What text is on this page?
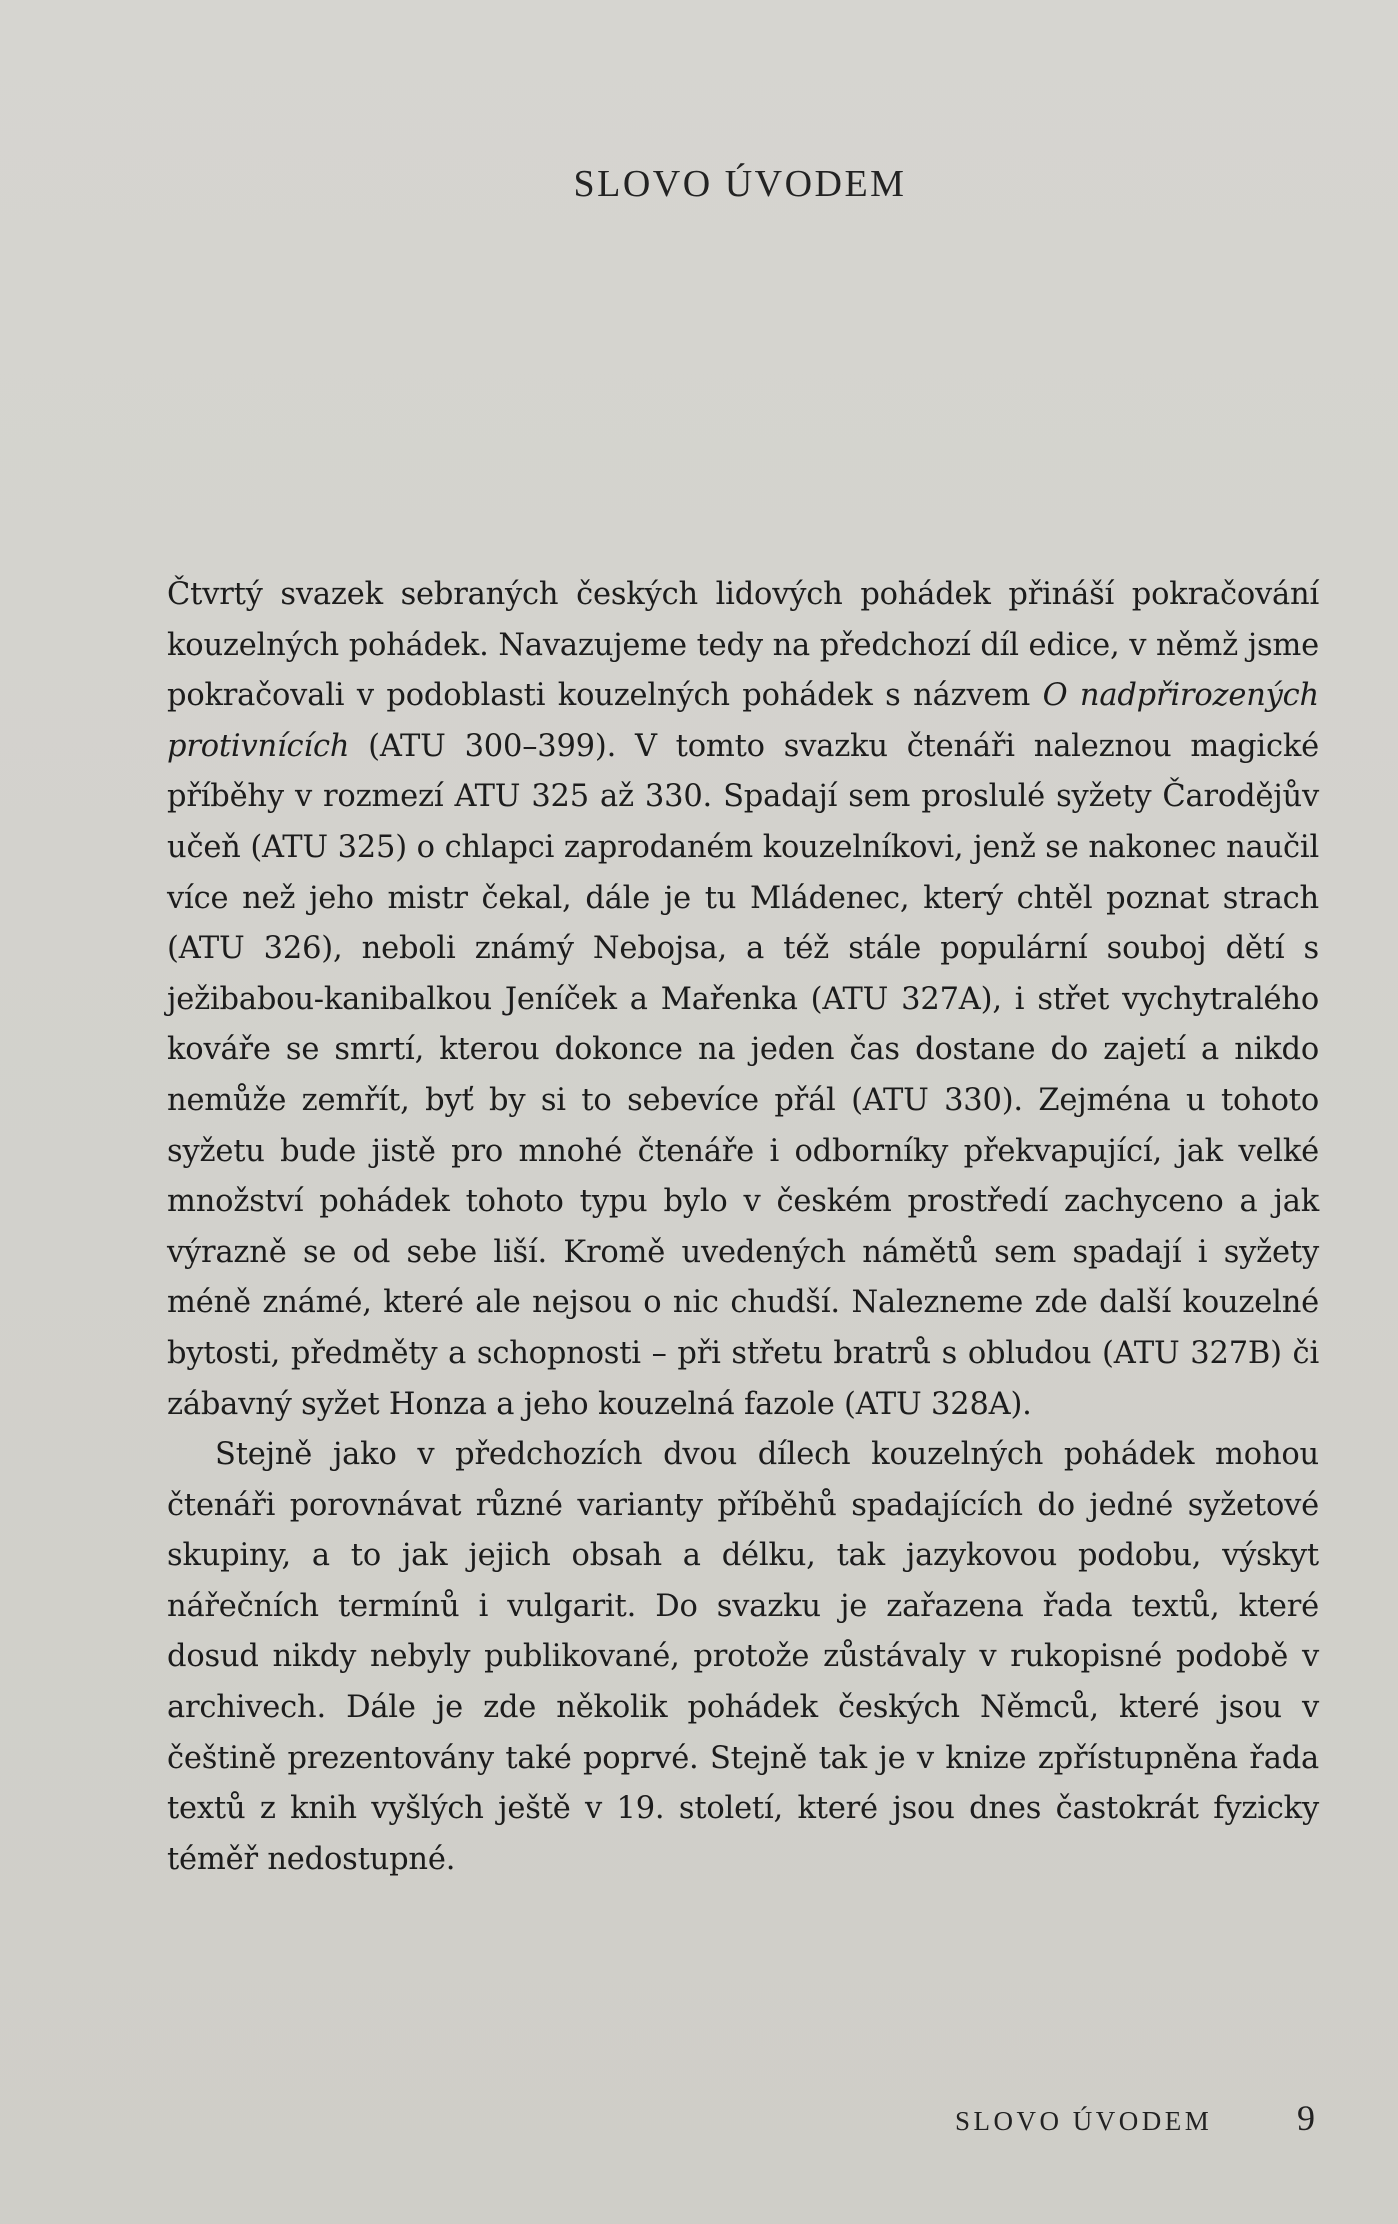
SLOVO ÚVODEM

Čtvrtý svazek sebraných českých lidových pohádek přináší pokračování kouzelných pohádek. Navazujeme tedy na předchozí díl edice, v němž jsme pokračovali v podoblasti kouzelných pohádek s názvem O nadpřirozených protivnících (ATU 300–399). V tomto svazku čtenáři naleznou magické příběhy v rozmezí ATU 325 až 330. Spadají sem proslulé syžety Čarodějův učeň (ATU 325) o chlapci zaprodaném kouzelníkovi, jenž se nakonec naučil více než jeho mistr čekal, dále je tu Mládenec, který chtěl poznat strach (ATU 326), neboli známý Nebojsa, a též stále populární souboj dětí s ježibabou-kanibalkou Jeníček a Mařenka (ATU 327A), i střet vychytralého kováře se smrtí, kterou dokonce na jeden čas dostane do zajetí a nikdo nemůže zemřít, byť by si to sebevíce přál (ATU 330). Zejména u tohoto syžetu bude jistě pro mnohé čtenáře i odborníky překvapující, jak velké množství pohádek tohoto typu bylo v českém prostředí zachyceno a jak výrazně se od sebe liší. Kromě uvedených námětů sem spadají i syžety méně známé, které ale nejsou o nic chudší. Nalezneme zde další kouzelné bytosti, předměty a schopnosti – při střetu bratrů s obludou (ATU 327B) či zábavný syžet Honza a jeho kouzelná fazole (ATU 328A).

Stejně jako v předchozích dvou dílech kouzelných pohádek mohou čtenáři porovnávat různé varianty příběhů spadajících do jedné syžetové skupiny, a to jak jejich obsah a délku, tak jazykovou podobu, výskyt nářečních termínů i vulgarit. Do svazku je zařazena řada textů, které dosud nikdy nebyly publikované, protože zůstávaly v rukopisné podobě v archivech. Dále je zde několik pohádek českých Němců, které jsou v češtině prezentovány také poprvé. Stejně tak je v knize zpřístupněna řada textů z knih vyšlých ještě v 19. století, které jsou dnes častokrát fyzicky téměř nedostupné.

SLOVO ÚVODEM 9
